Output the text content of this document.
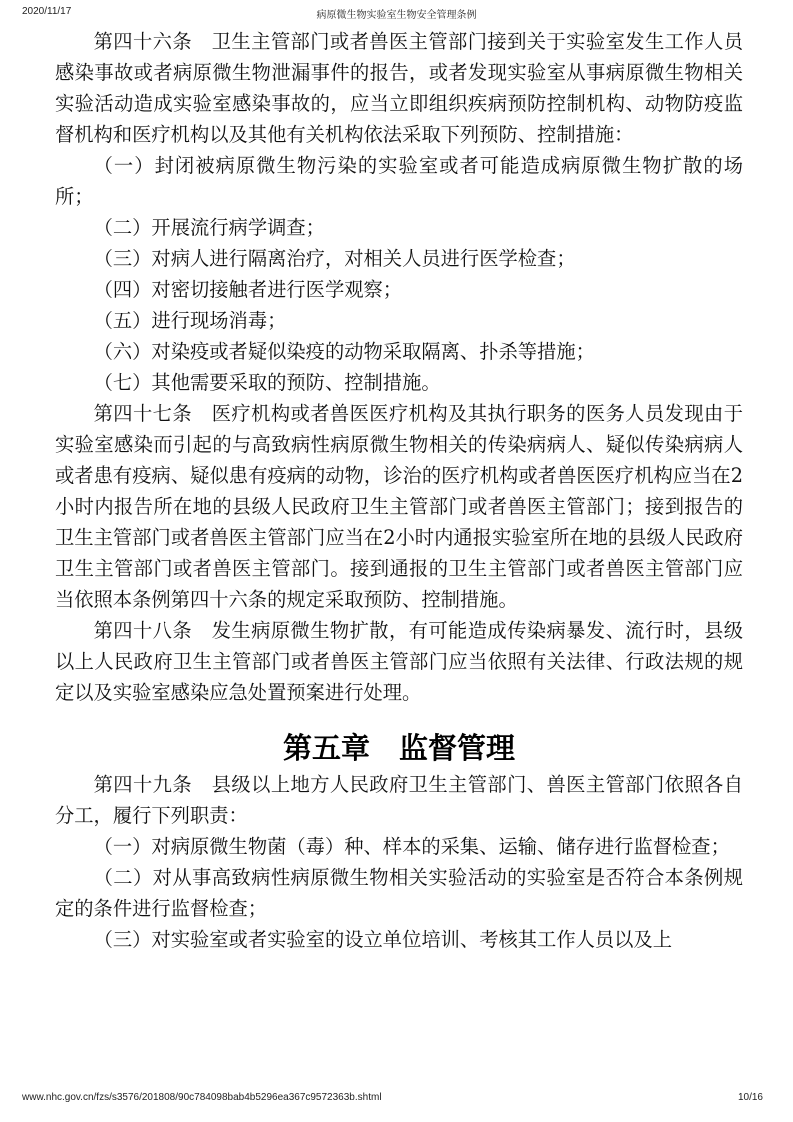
2020/11/17	病原微生物实验室生物安全管理条例

第四十六条　卫生主管部门或者兽医主管部门接到关于实验室发生工作人员感染事故或者病原微生物泄漏事件的报告，或者发现实验室从事病原微生物相关实验活动造成实验室感染事故的，应当立即组织疾病预防控制机构、动物防疫监督机构和医疗机构以及其他有关机构依法采取下列预防、控制措施：

（一）封闭被病原微生物污染的实验室或者可能造成病原微生物扩散的场所；

（二）开展流行病学调查；

（三）对病人进行隔离治疗，对相关人员进行医学检查；

（四）对密切接触者进行医学观察；

（五）进行现场消毒；

（六）对染疫或者疑似染疫的动物采取隔离、扑杀等措施；

（七）其他需要采取的预防、控制措施。

第四十七条　医疗机构或者兽医医疗机构及其执行职务的医务人员发现由于实验室感染而引起的与高致病性病原微生物相关的传染病病人、疑似传染病病人或者患有疫病、疑似患有疫病的动物，诊治的医疗机构或者兽医医疗机构应当在2小时内报告所在地的县级人民政府卫生主管部门或者兽医主管部门；接到报告的卫生主管部门或者兽医主管部门应当在2小时内通报实验室所在地的县级人民政府卫生主管部门或者兽医主管部门。接到通报的卫生主管部门或者兽医主管部门应当依照本条例第四十六条的规定采取预防、控制措施。

第四十八条　发生病原微生物扩散，有可能造成传染病暴发、流行时，县级以上人民政府卫生主管部门或者兽医主管部门应当依照有关法律、行政法规的规定以及实验室感染应急处置预案进行处理。

第五章　监督管理

第四十九条　县级以上地方人民政府卫生主管部门、兽医主管部门依照各自分工，履行下列职责：

（一）对病原微生物菌（毒）种、样本的采集、运输、储存进行监督检查；

（二）对从事高致病性病原微生物相关实验活动的实验室是否符合本条例规定的条件进行监督检查；

（三）对实验室或者实验室的设立单位培训、考核其工作人员以及上

www.nhc.gov.cn/fzs/s3576/201808/90c784098bab4b5296ea367c9572363b.shtml	10/16
